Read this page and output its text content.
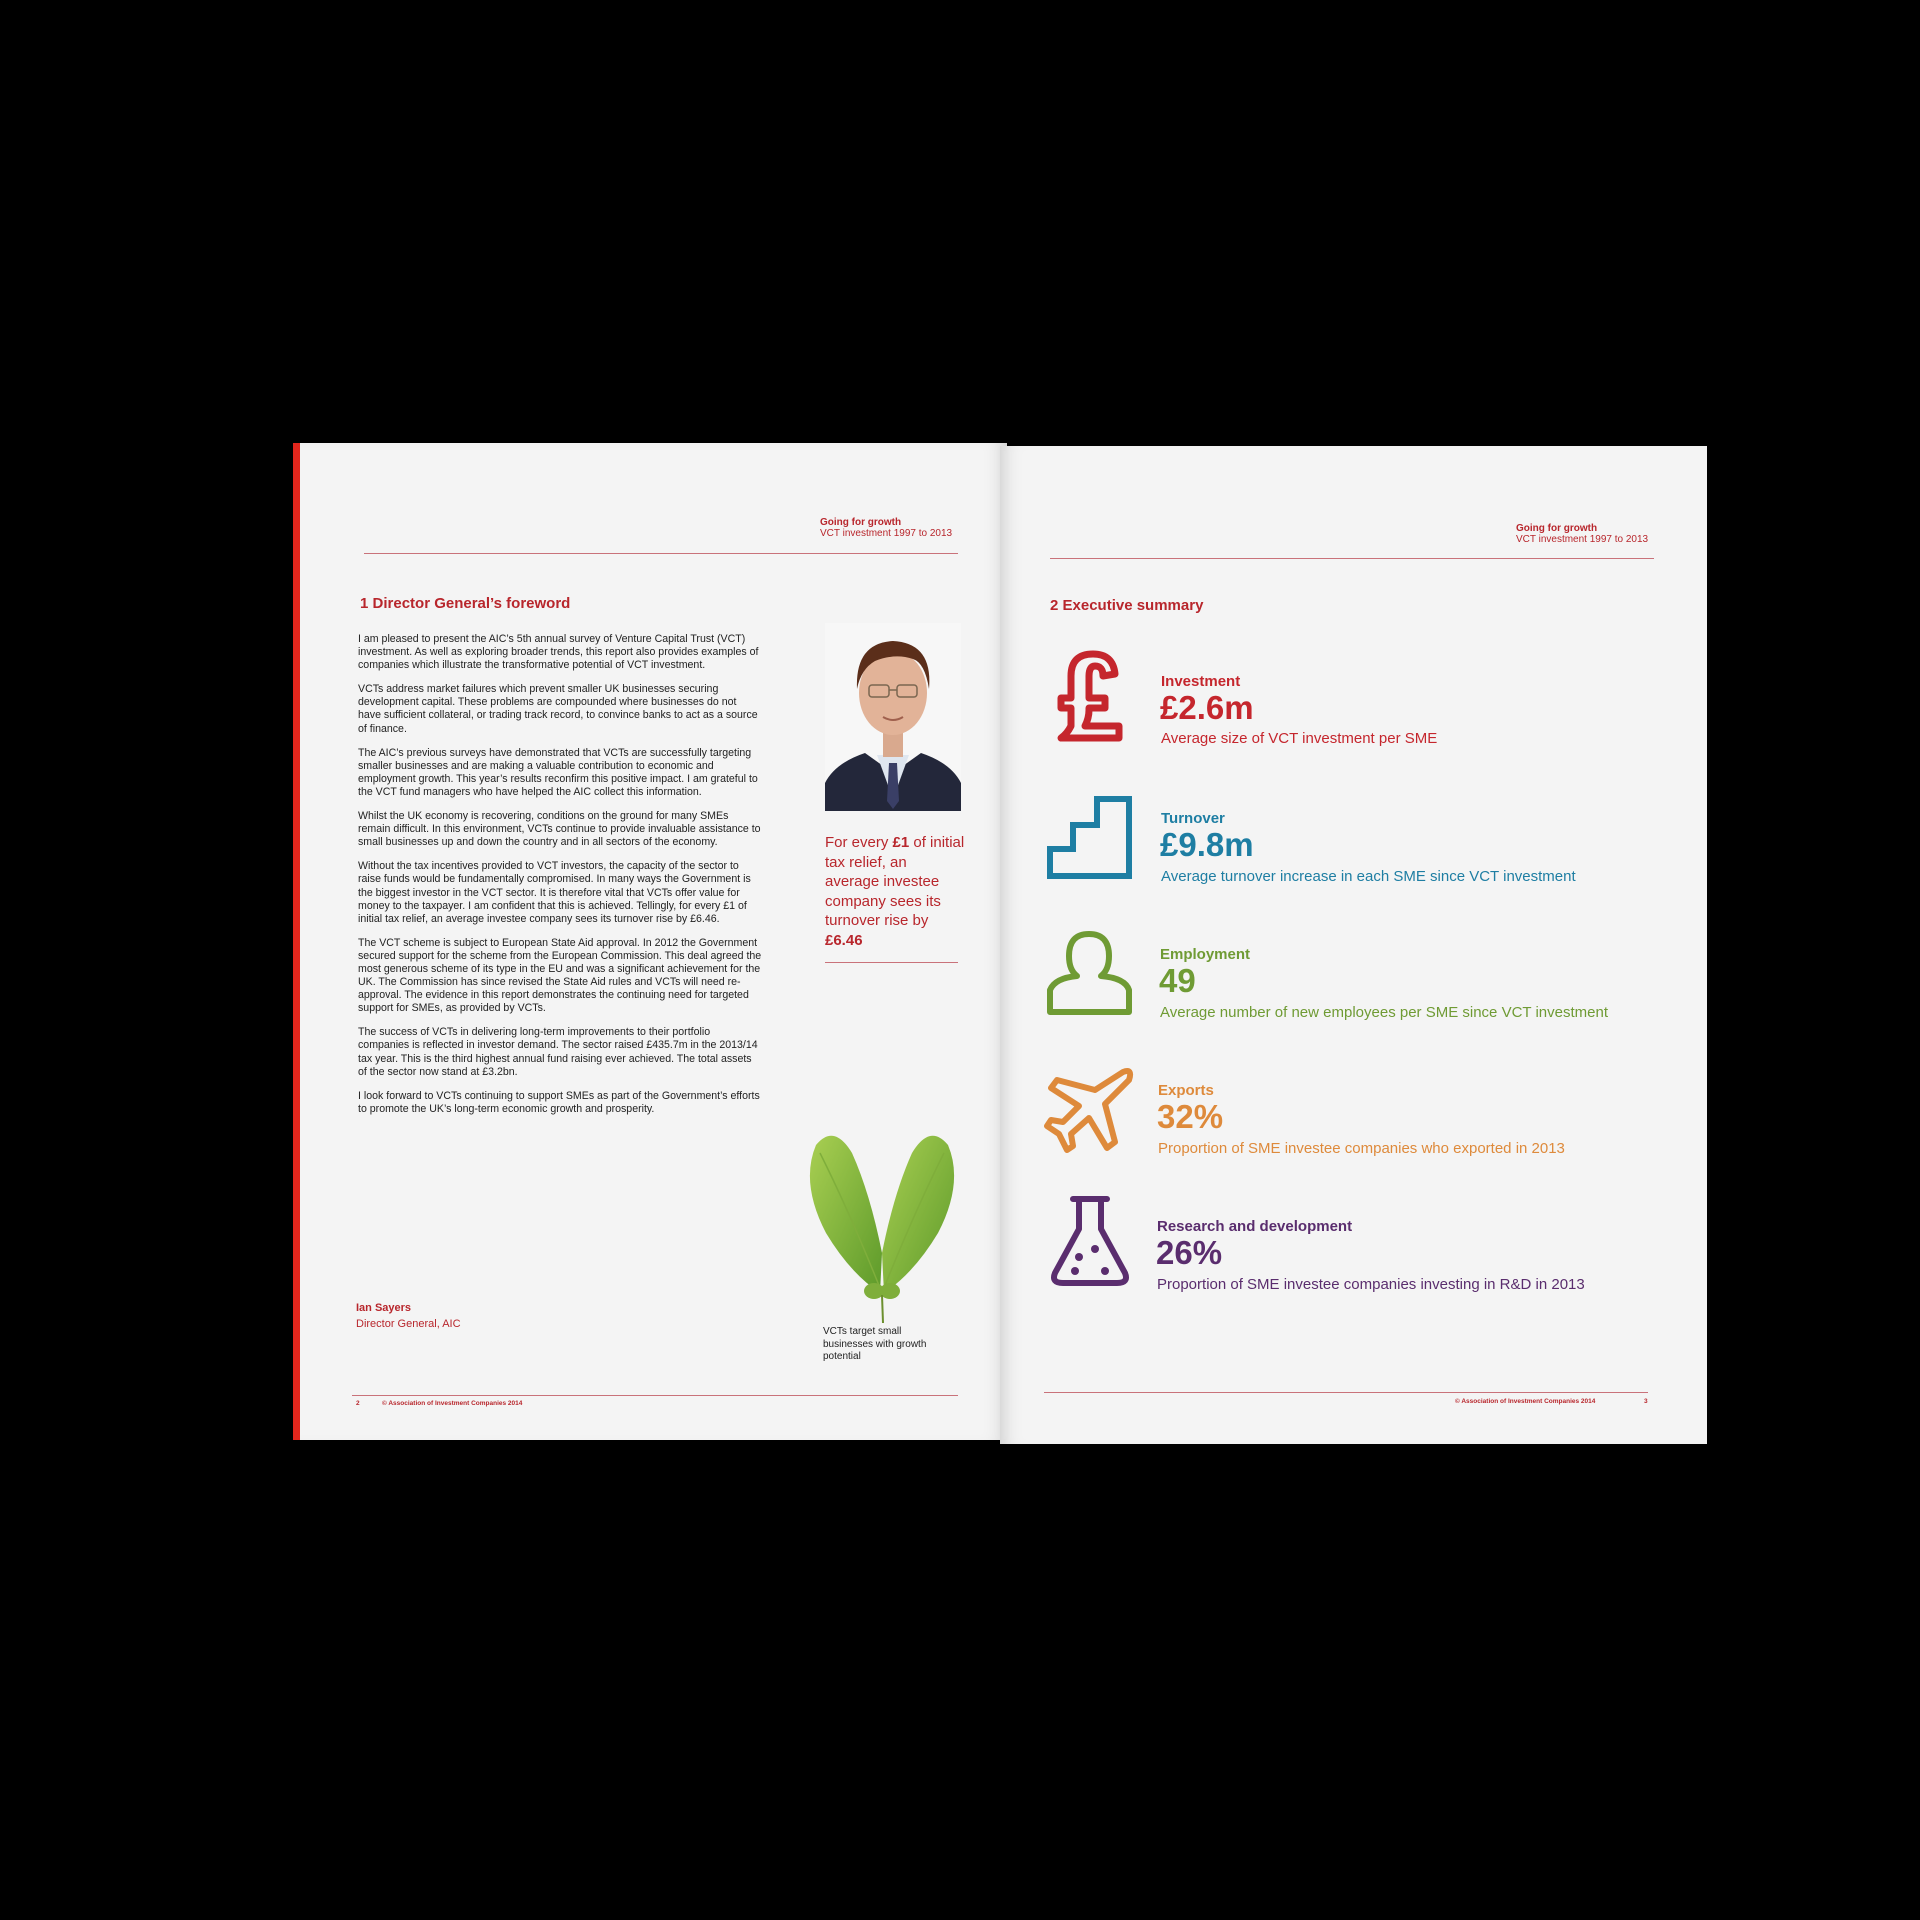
Going for growth
VCT investment 1997 to 2013
1 Director General’s foreword

I am pleased to present the AIC’s 5th annual survey of Venture Capital Trust (VCT) investment. As well as exploring broader trends, this report also provides examples of companies which illustrate the transformative potential of VCT investment.

VCTs address market failures which prevent smaller UK businesses securing development capital. These problems are compounded where businesses do not have sufficient collateral, or trading track record, to convince banks to act as a source of finance.

The AIC’s previous surveys have demonstrated that VCTs are successfully targeting smaller businesses and are making a valuable contribution to economic and employment growth. This year’s results reconfirm this positive impact. I am grateful to the VCT fund managers who have helped the AIC collect this information.

Whilst the UK economy is recovering, conditions on the ground for many SMEs remain difficult. In this environment, VCTs continue to provide invaluable assistance to small businesses up and down the country and in all sectors of the economy.

Without the tax incentives provided to VCT investors, the capacity of the sector to raise funds would be fundamentally compromised. In many ways the Government is the biggest investor in the VCT sector. It is therefore vital that VCTs offer value for money to the taxpayer. I am confident that this is achieved. Tellingly, for every £1 of initial tax relief, an average investee company sees its turnover rise by £6.46.

The VCT scheme is subject to European State Aid approval. In 2012 the Government secured support for the scheme from the European Commission. This deal agreed the most generous scheme of its type in the EU and was a significant achievement for the UK. The Commission has since revised the State Aid rules and VCTs will need re-approval. The evidence in this report demonstrates the continuing need for targeted support for SMEs, as provided by VCTs.

The success of VCTs in delivering long-term improvements to their portfolio companies is reflected in investor demand. The sector raised £435.7m in the 2013/14 tax year. This is the third highest annual fund raising ever achieved. The total assets of the sector now stand at £3.2bn.

I look forward to VCTs continuing to support SMEs as part of the Government’s efforts to promote the UK’s long-term economic growth and prosperity.

Ian Sayers
Director General, AIC
For every £1 of initial tax relief, an average investee company sees its turnover rise by £6.46
VCTs target small businesses with growth potential
2	© Association of Investment Companies 2014
Going for growth
VCT investment 1997 to 2013
2 Executive summary
Investment
£2.6m
Average size of VCT investment per SME
Turnover
£9.8m
Average turnover increase in each SME since VCT investment
Employment
49
Average number of new employees per SME since VCT investment
Exports
32%
Proportion of SME investee companies who exported in 2013
Research and development
26%
Proportion of SME investee companies investing in R&D in 2013
© Association of Investment Companies 2014	3
